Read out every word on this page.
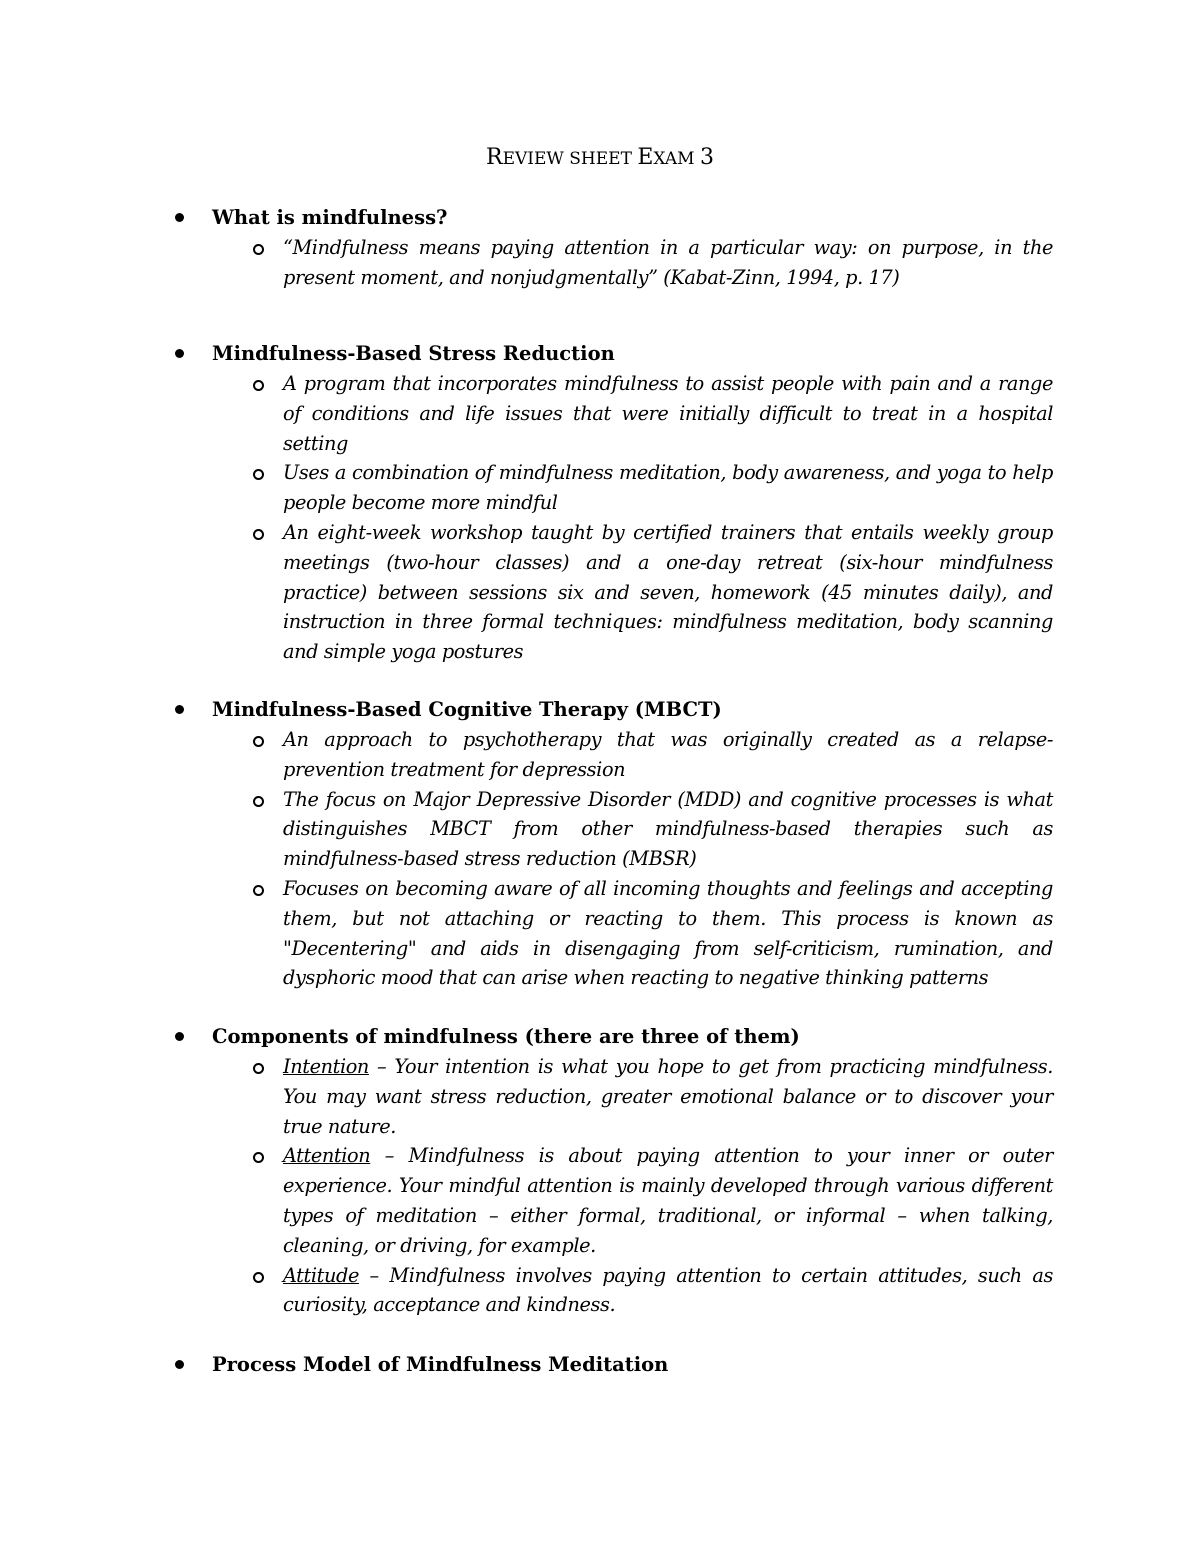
REVIEW SHEET EXAM 3
What is mindfulness?
“Mindfulness means paying attention in a particular way: on purpose, in the present moment, and nonjudgmentally” (Kabat-Zinn, 1994, p. 17)
Mindfulness-Based Stress Reduction
A program that incorporates mindfulness to assist people with pain and a range of conditions and life issues that were initially difficult to treat in a hospital setting
Uses a combination of mindfulness meditation, body awareness, and yoga to help people become more mindful
An eight-week workshop taught by certified trainers that entails weekly group meetings (two-hour classes) and a one-day retreat (six-hour mindfulness practice) between sessions six and seven, homework (45 minutes daily), and instruction in three formal techniques: mindfulness meditation, body scanning and simple yoga postures
Mindfulness-Based Cognitive Therapy (MBCT)
An approach to psychotherapy that was originally created as a relapse-prevention treatment for depression
The focus on Major Depressive Disorder (MDD) and cognitive processes is what distinguishes MBCT from other mindfulness-based therapies such as mindfulness-based stress reduction (MBSR)
Focuses on becoming aware of all incoming thoughts and feelings and accepting them, but not attaching or reacting to them. This process is known as "Decentering" and aids in disengaging from self-criticism, rumination, and dysphoric mood that can arise when reacting to negative thinking patterns
Components of mindfulness (there are three of them)
Intention – Your intention is what you hope to get from practicing mindfulness. You may want stress reduction, greater emotional balance or to discover your true nature.
Attention – Mindfulness is about paying attention to your inner or outer experience. Your mindful attention is mainly developed through various different types of meditation – either formal, traditional, or informal – when talking, cleaning, or driving, for example.
Attitude – Mindfulness involves paying attention to certain attitudes, such as curiosity, acceptance and kindness.
Process Model of Mindfulness Meditation
